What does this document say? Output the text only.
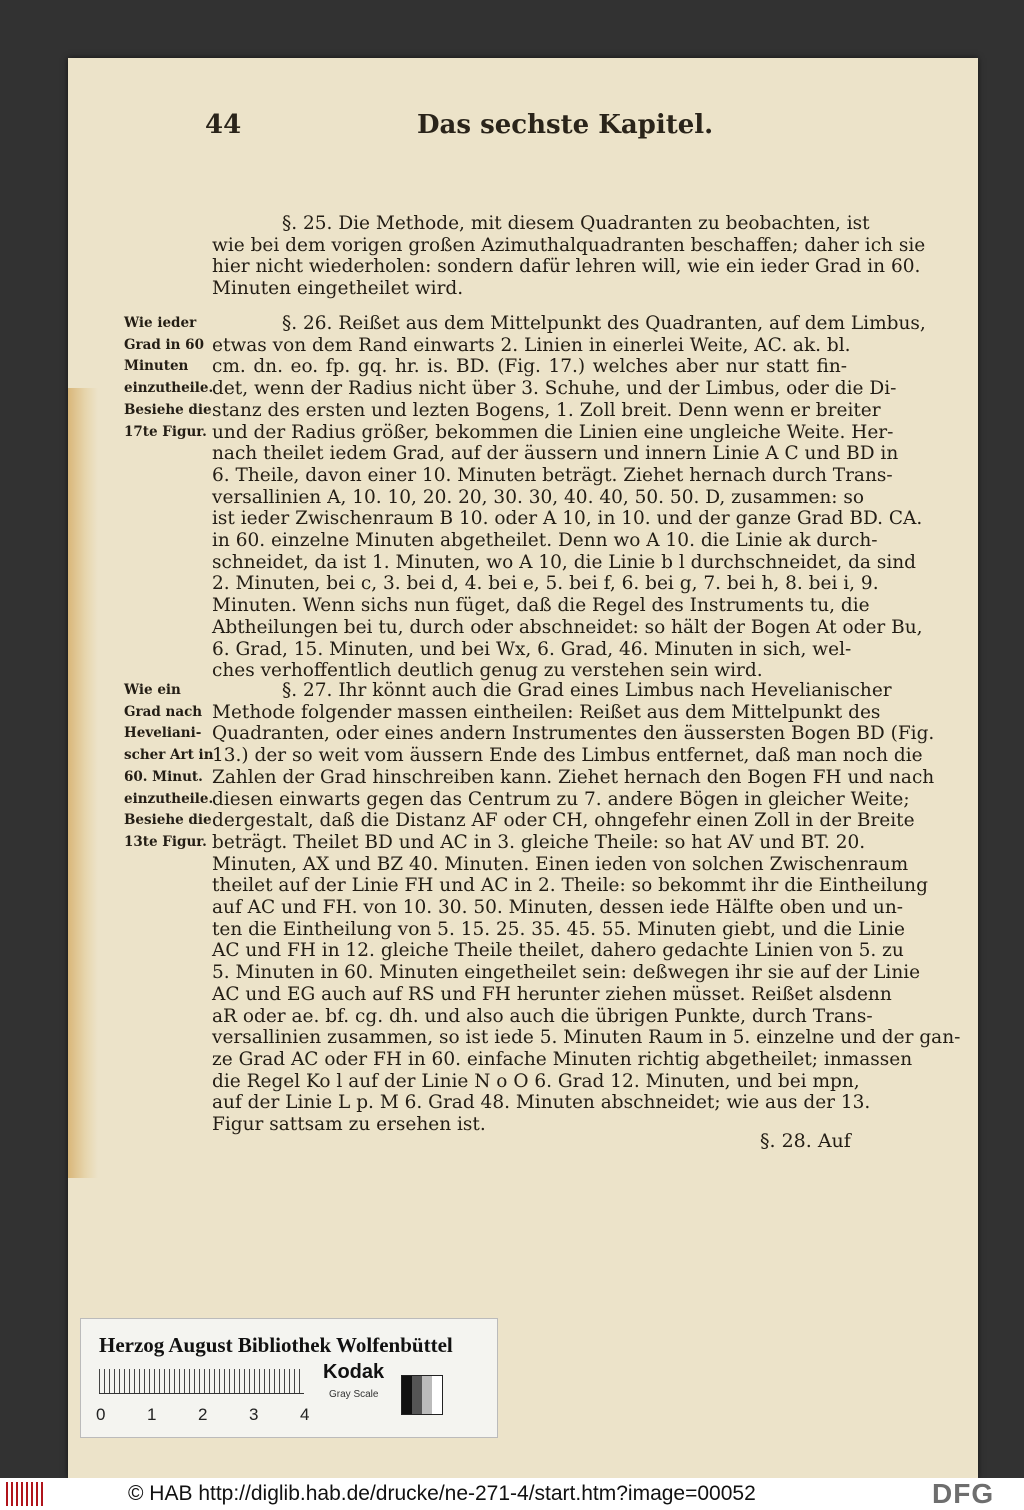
44	Das sechste Kapitel.
§. 25. Die Methode, mit diesem Quadranten zu beobachten, ist
wie bei dem vorigen großen Azimuthalquadranten beschaffen; daher ich sie
hier nicht wiederholen: sondern dafür lehren will, wie ein ieder Grad in 60.
Minuten eingetheilet wird.
Wie ieder
Grad in 60
Minuten
einzutheile.
Besiehe die
17te Figur.
§. 26. Reißet aus dem Mittelpunkt des Quadranten, auf dem Limbus,
etwas von dem Rand einwarts 2. Linien in einerlei Weite, AC. ak. bl.
cm. dn. eo. fp. gq. hr. is. BD. (Fig. 17.) welches aber nur statt fin-
det, wenn der Radius nicht über 3. Schuhe, und der Limbus, oder die Di-
stanz des ersten und lezten Bogens, 1. Zoll breit. Denn wenn er breiter
und der Radius größer, bekommen die Linien eine ungleiche Weite. Her-
nach theilet iedem Grad, auf der äussern und innern Linie A C und BD in
6. Theile, davon einer 10. Minuten beträgt. Ziehet hernach durch Trans-
versallinien A, 10. 10, 20. 20, 30. 30, 40. 40, 50. 50. D, zusammen: so
ist ieder Zwischenraum B 10. oder A 10, in 10. und der ganze Grad BD. CA.
in 60. einzelne Minuten abgetheilet. Denn wo A 10. die Linie ak durch-
schneidet, da ist 1. Minuten, wo A 10, die Linie b l durchschneidet, da sind
2. Minuten, bei c, 3. bei d, 4. bei e, 5. bei f, 6. bei g, 7. bei h, 8. bei i, 9.
Minuten. Wenn sichs nun füget, daß die Regel des Instruments tu, die
Abtheilungen bei tu, durch oder abschneidet: so hält der Bogen At oder Bu,
6. Grad, 15. Minuten, und bei Wx, 6. Grad, 46. Minuten in sich, wel-
ches verhoffentlich deutlich genug zu verstehen sein wird.
Wie ein
Grad nach
Heveliani-
scher Art in
60. Minut.
einzutheile.
Besiehe die
13te Figur.
§. 27. Ihr könnt auch die Grad eines Limbus nach Hevelianischer
Methode folgender massen eintheilen: Reißet aus dem Mittelpunkt des
Quadranten, oder eines andern Instrumentes den äussersten Bogen BD (Fig.
13.) der so weit vom äussern Ende des Limbus entfernet, daß man noch die
Zahlen der Grad hinschreiben kann. Ziehet hernach den Bogen FH und nach
diesen einwarts gegen das Centrum zu 7. andere Bögen in gleicher Weite;
dergestalt, daß die Distanz AF oder CH, ohngefehr einen Zoll in der Breite
beträgt. Theilet BD und AC in 3. gleiche Theile: so hat AV und BT. 20.
Minuten, AX und BZ 40. Minuten. Einen ieden von solchen Zwischenraum
theilet auf der Linie FH und AC in 2. Theile: so bekommt ihr die Eintheilung
auf AC und FH. von 10. 30. 50. Minuten, dessen iede Hälfte oben und un-
ten die Eintheilung von 5. 15. 25. 35. 45. 55. Minuten giebt, und die Linie
AC und FH in 12. gleiche Theile theilet, dahero gedachte Linien von 5. zu
5. Minuten in 60. Minuten eingetheilet sein: deßwegen ihr sie auf der Linie
AC und EG auch auf RS und FH herunter ziehen müsset. Reißet alsdenn
aR oder ae. bf. cg. dh. und also auch die übrigen Punkte, durch Trans-
versallinien zusammen, so ist iede 5. Minuten Raum in 5. einzelne und der gan-
ze Grad AC oder FH in 60. einfache Minuten richtig abgetheilet; inmassen
die Regel Ko l auf der Linie N o O 6. Grad 12. Minuten, und bei mpn,
auf der Linie L p. M 6. Grad 48. Minuten abschneidet; wie aus der 13.
Figur sattsam zu ersehen ist.
§. 28. Auf
Herzog August Bibliothek Wolfenbüttel
0 1 2 3 4
Kodak
Gray Scale
© HAB http://diglib.hab.de/drucke/ne-271-4/start.htm?image=00052	DFG
